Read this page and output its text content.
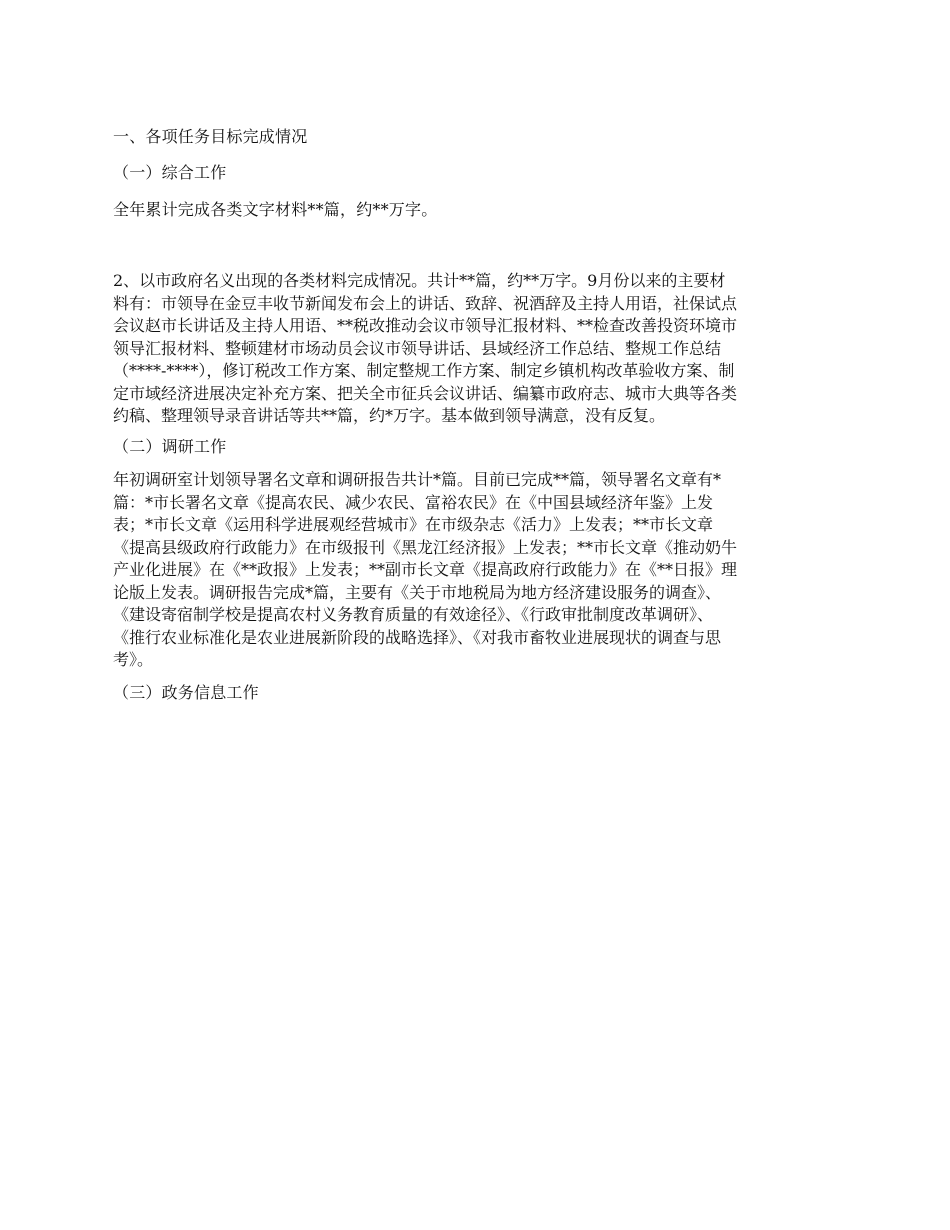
一、各项任务目标完成情况
（一）综合工作
全年累计完成各类文字材料**篇，约**万字。
2、以市政府名义出现的各类材料完成情况。共计**篇，约**万字。9月份以来的主要材
料有：市领导在金豆丰收节新闻发布会上的讲话、致辞、祝酒辞及主持人用语，社保试点
会议赵市长讲话及主持人用语、**税改推动会议市领导汇报材料、**检查改善投资环境市
领导汇报材料、整顿建材市场动员会议市领导讲话、县域经济工作总结、整规工作总结
（****-****），修订税改工作方案、制定整规工作方案、制定乡镇机构改革验收方案、制
定市域经济进展决定补充方案、把关全市征兵会议讲话、编纂市政府志、城市大典等各类
约稿、整理领导录音讲话等共**篇，约*万字。基本做到领导满意，没有反复。
（二）调研工作
年初调研室计划领导署名文章和调研报告共计*篇。目前已完成**篇，领导署名文章有*
篇：*市长署名文章《提高农民、减少农民、富裕农民》在《中国县域经济年鉴》上发
表；*市长文章《运用科学进展观经营城市》在市级杂志《活力》上发表；**市长文章
《提高县级政府行政能力》在市级报刊《黑龙江经济报》上发表；**市长文章《推动奶牛
产业化进展》在《**政报》上发表；**副市长文章《提高政府行政能力》在《**日报》理
论版上发表。调研报告完成*篇，主要有《关于市地税局为地方经济建设服务的调查》、
《建设寄宿制学校是提高农村义务教育质量的有效途径》、《行政审批制度改革调研》、
《推行农业标准化是农业进展新阶段的战略选择》、《对我市畜牧业进展现状的调查与思
考》。
（三）政务信息工作
